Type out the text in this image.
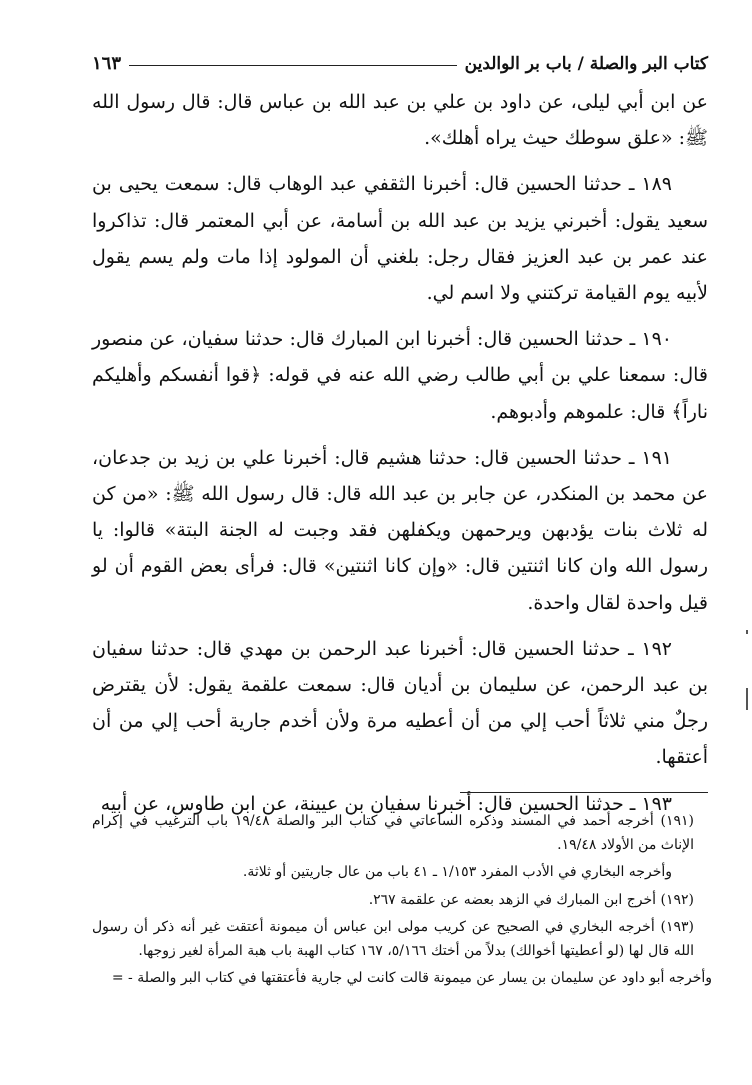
كتاب البر والصلة / باب بر الوالدين
١٦٣

عن ابن أبي ليلى، عن داود بن علي بن عبد الله بن عباس قال: قال رسول الله ﷺ: «علق سوطك حيث يراه أهلك».

١٨٩ ـ حدثنا الحسين قال: أخبرنا الثقفي عبد الوهاب قال: سمعت يحيى بن سعيد يقول: أخبرني يزيد بن عبد الله بن أسامة، عن أبي المعتمر قال: تذاكروا عند عمر بن عبد العزيز فقال رجل: بلغني أن المولود إذا مات ولم يسم يقول لأبيه يوم القيامة تركتني ولا اسم لي.

١٩٠ ـ حدثنا الحسين قال: أخبرنا ابن المبارك قال: حدثنا سفيان، عن منصور قال: سمعنا علي بن أبي طالب رضي الله عنه في قوله: ﴿قوا أنفسكم وأهليكم ناراً﴾ قال: علموهم وأدبوهم.

١٩١ ـ حدثنا الحسين قال: حدثنا هشيم قال: أخبرنا علي بن زيد بن جدعان، عن محمد بن المنكدر، عن جابر بن عبد الله قال: قال رسول الله ﷺ: «من كن له ثلاث بنات يؤدبهن ويرحمهن ويكفلهن فقد وجبت له الجنة البتة» قالوا: يا رسول الله وان كانا اثنتين قال: «وإن كانا اثنتين» قال: فرأى بعض القوم أن لو قيل واحدة لقال واحدة.

١٩٢ ـ حدثنا الحسين قال: أخبرنا عبد الرحمن بن مهدي قال: حدثنا سفيان بن عبد الرحمن، عن سليمان بن أديان قال: سمعت علقمة يقول: لأن يقترض رجلٌ مني ثلاثاً أحب إلي من أن أعطيه مرة ولأن أخدم جارية أحب إلي من أن أعتقها.

١٩٣ ـ حدثنا الحسين قال: أخبرنا سفيان بن عيينة، عن ابن طاوس، عن أبيه

(١٩١) أخرجه أحمد في المسند وذكره الساعاتي في كتاب البر والصلة ١٩/٤٨ باب الترغيب في إكرام الإناث من الأولاد ١٩/٤٨.

وأخرجه البخاري في الأدب المفرد ١/١٥٣ ـ ٤١ باب من عال جاريتين أو ثلاثة.

(١٩٢) أخرج ابن المبارك في الزهد بعضه عن علقمة ٢٦٧.

(١٩٣) أخرجه البخاري في الصحيح عن كريب مولى ابن عباس أن ميمونة أعتقت غير أنه ذكر أن رسول الله قال لها (لو أعطيتها أخوالك) بدلاً من أختك ٥/١٦٦، ١٦٧ كتاب الهبة باب هبة المرأة لغير زوجها.

وأخرجه أبو داود عن سليمان بن يسار عن ميمونة قالت كانت لي جارية فأعتقتها في كتاب البر والصلة - =
